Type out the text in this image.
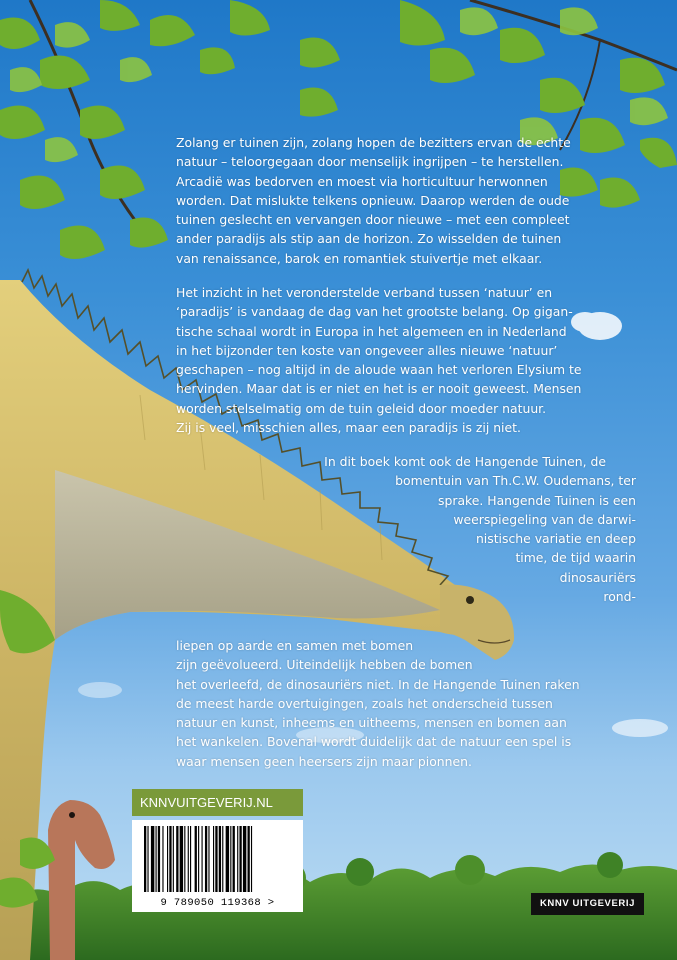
Zolang er tuinen zijn, zolang hopen de bezitters ervan de echte
natuur – teloorgegaan door menselijk ingrijpen – te herstellen.
Arcadië was bedorven en moest via horticultuur herwonnen
worden. Dat mislukte telkens opnieuw. Daarop werden de oude
tuinen geslecht en vervangen door nieuwe – met een compleet
ander paradijs als stip aan de horizon. Zo wisselden de tuinen
van renaissance, barok en romantiek stuivertje met elkaar.
Het inzicht in het veronderstelde verband tussen ‘natuur’ en
‘paradijs’ is vandaag de dag van het grootste belang. Op gigan-
tische schaal wordt in Europa in het algemeen en in Nederland
in het bijzonder ten koste van ongeveer alles nieuwe ‘natuur’
geschapen – nog altijd in de aloude waan het verloren Elysium te
hervinden. Maar dat is er niet en het is er nooit geweest. Mensen
worden stelselmatig om de tuin geleid door moeder natuur.
Zij is veel, misschien alles, maar een paradijs is zij niet.
In dit boek komt ook de Hangende Tuinen, de
bomentuin van Th.C.W. Oudemans, ter
sprake. Hangende Tuinen is een
weerspiegeling van de darwi-
nistische variatie en deep
time, de tijd waarin
dinosauriërs
rond-
liepen op aarde en samen met bomen
zijn geëvolueerd. Uiteindelijk hebben de bomen
het overleefd, de dinosauriërs niet. In de Hangende Tuinen raken
de meest harde overtuigingen, zoals het onderscheid tussen
natuur en kunst, inheems en uitheems, mensen en bomen aan
het wankelen. Bovenal wordt duidelijk dat de natuur een spel is
waar mensen geen heersers zijn maar pionnen.
KNNVUITGEVERIJ.NL
9 789050 119368 >	KNNV UITGEVERIJ
